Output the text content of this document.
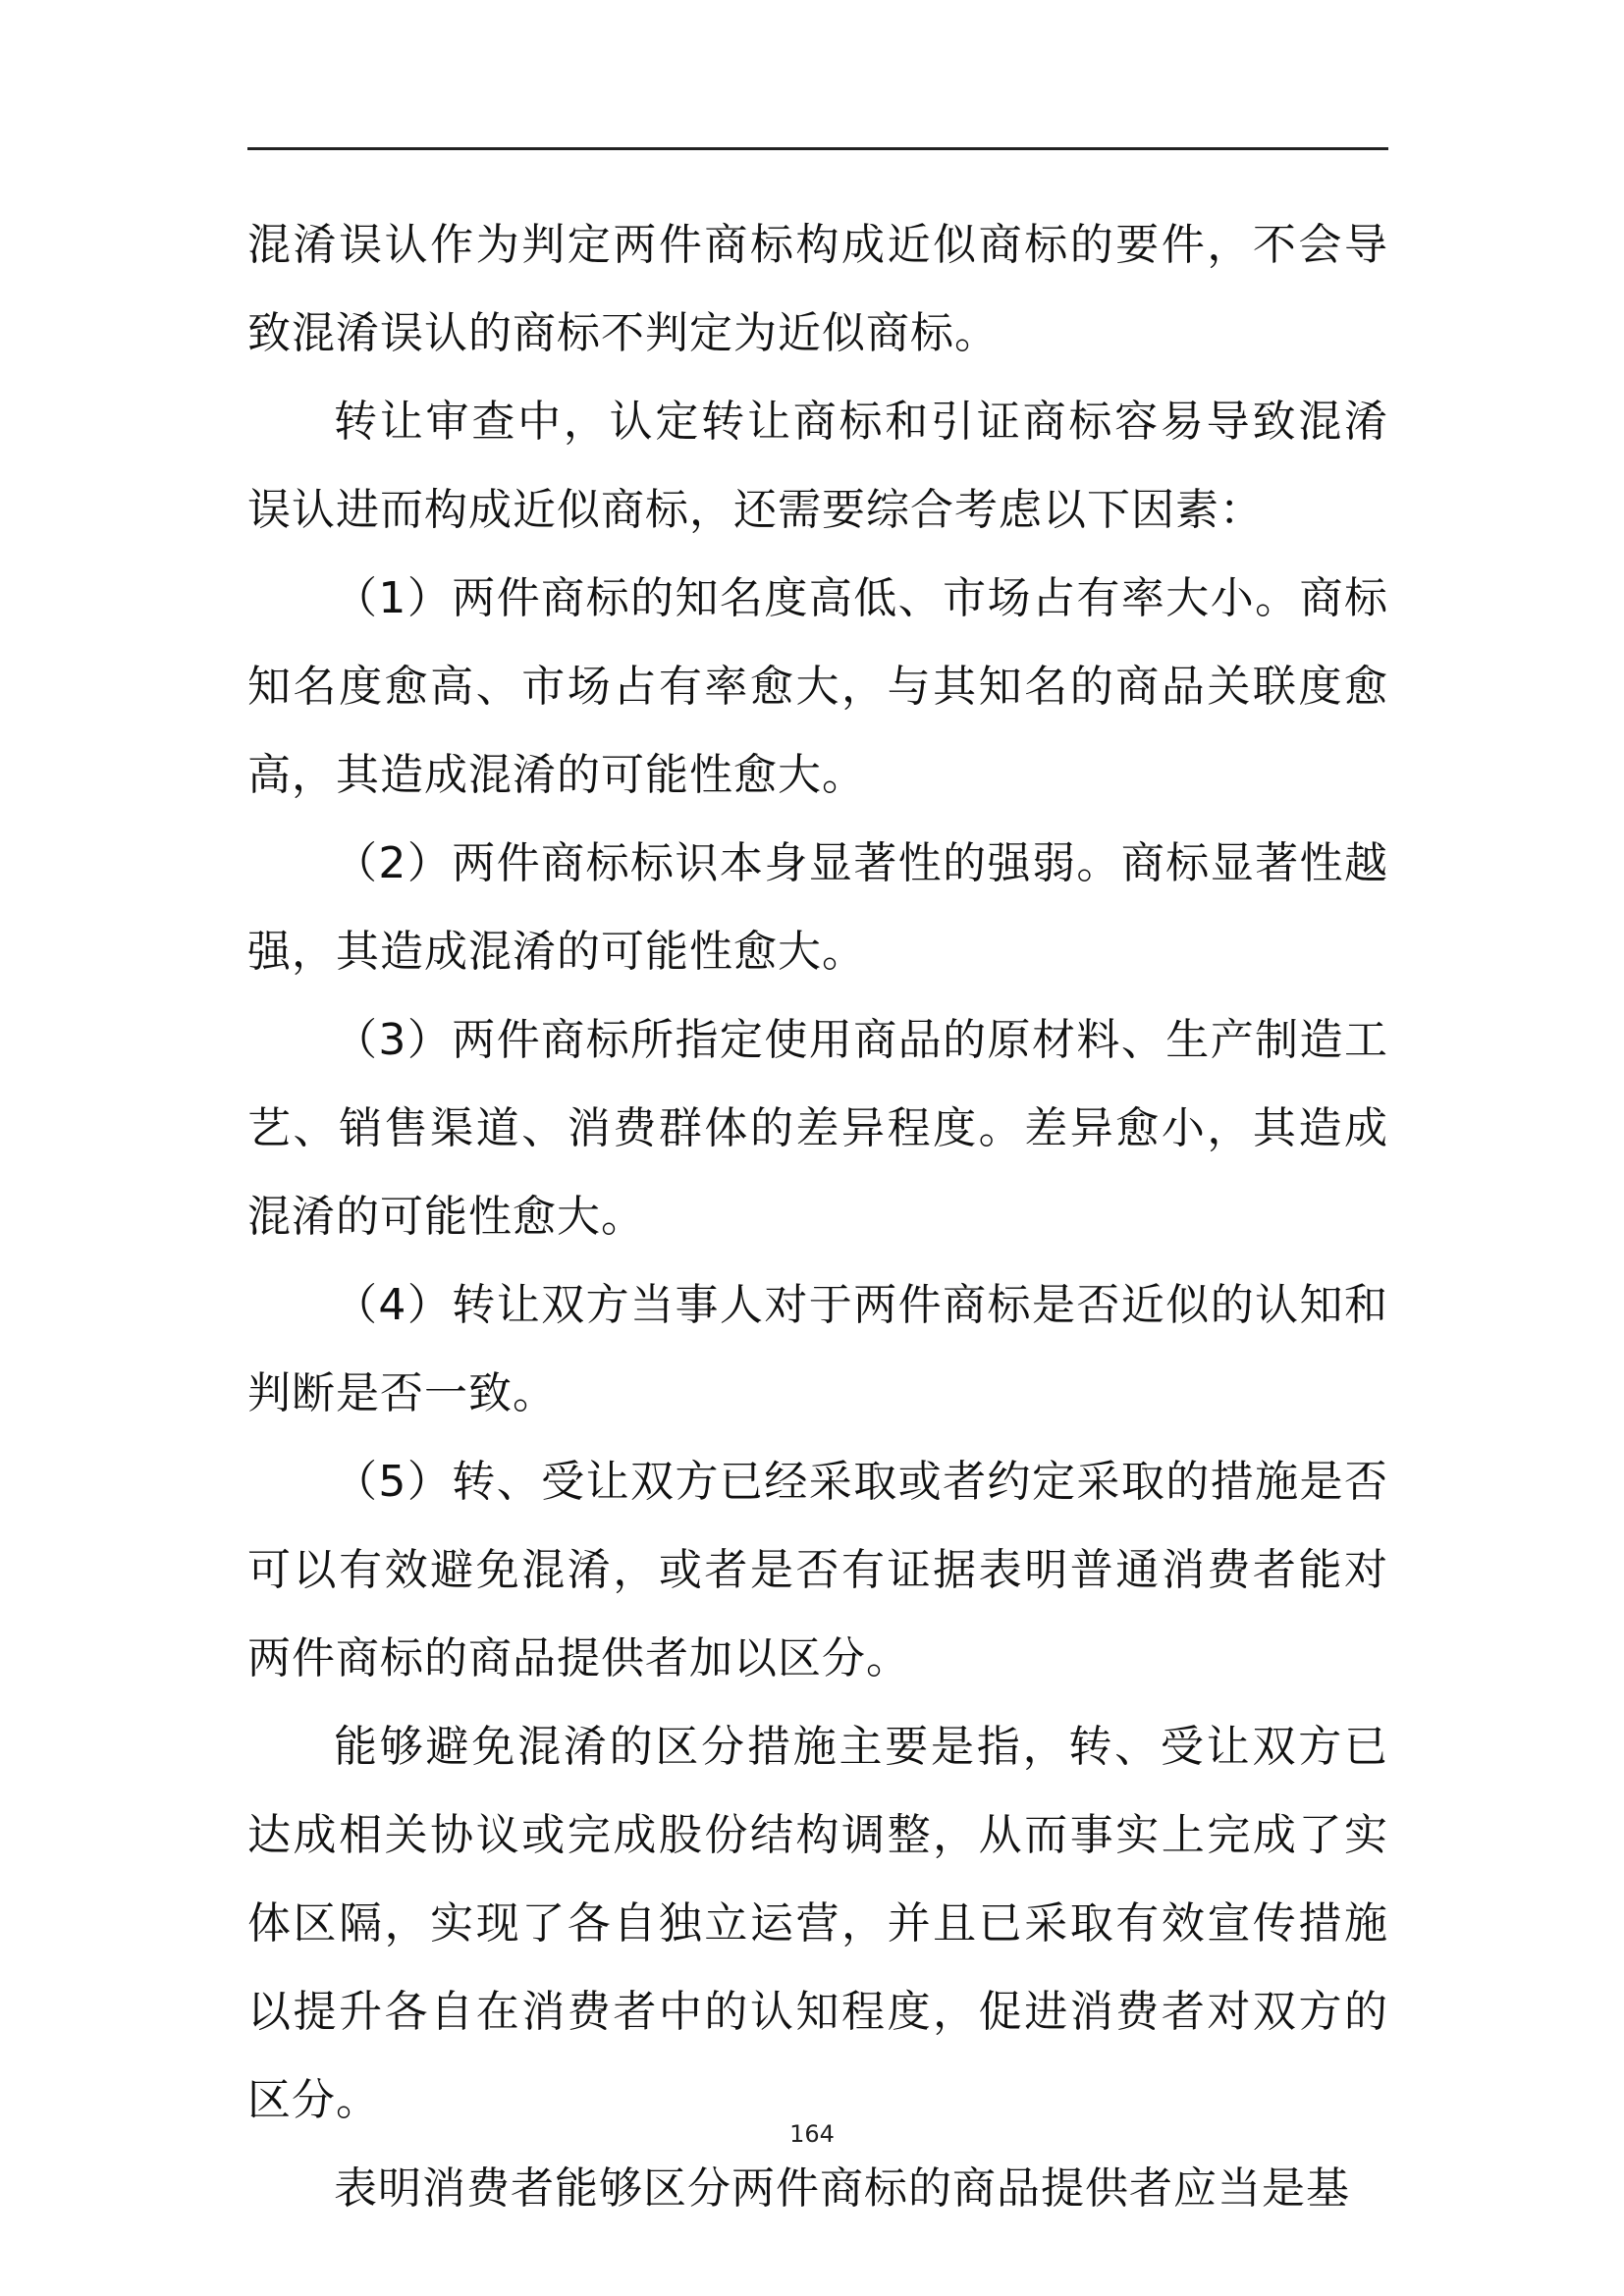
混淆误认作为判定两件商标构成近似商标的要件，不会导致混淆误认的商标不判定为近似商标。

转让审查中，认定转让商标和引证商标容易导致混淆误认进而构成近似商标，还需要综合考虑以下因素：

（1）两件商标的知名度高低、市场占有率大小。商标知名度愈高、市场占有率愈大，与其知名的商品关联度愈高，其造成混淆的可能性愈大。

（2）两件商标标识本身显著性的强弱。商标显著性越强，其造成混淆的可能性愈大。

（3）两件商标所指定使用商品的原材料、生产制造工艺、销售渠道、消费群体的差异程度。差异愈小，其造成混淆的可能性愈大。

（4）转让双方当事人对于两件商标是否近似的认知和判断是否一致。

（5）转、受让双方已经采取或者约定采取的措施是否可以有效避免混淆，或者是否有证据表明普通消费者能对两件商标的商品提供者加以区分。

能够避免混淆的区分措施主要是指，转、受让双方已达成相关协议或完成股份结构调整，从而事实上完成了实体区隔，实现了各自独立运营，并且已采取有效宣传措施以提升各自在消费者中的认知程度，促进消费者对双方的区分。

表明消费者能够区分两件商标的商品提供者应当是基

164
